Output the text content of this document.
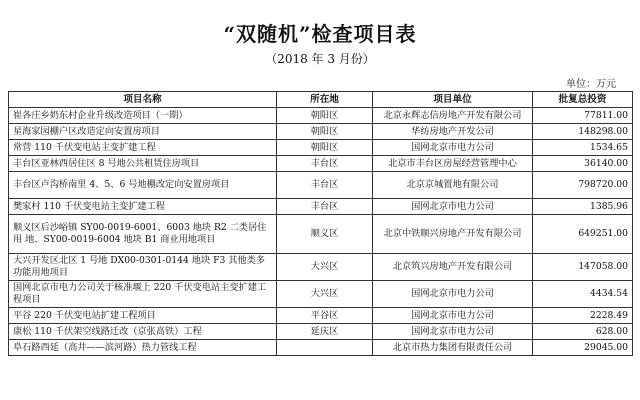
“双随机”检查项目表
（2018 年 3 月份）
单位：万元
项目名称	所在地	项目单位	批复总投资
崔各庄乡奶东村企业升级改造项目（一期）	朝阳区	北京永辉志信房地产开发有限公司	77811.00
星海家园棚户区改造定向安置房项目	朝阳区	华纺房地产开发公司	148298.00
常营 110 千伏变电站主变扩建工程	朝阳区	国网北京市电力公司	1534.65
丰台区亚林西居住区 8 号地公共租赁住房项目	丰台区	北京市丰台区房屋经营管理中心	36140.00
丰台区卢沟桥南里 4、5、6 号地棚改定向安置房项目	丰台区	北京京城置地有限公司	798720.00
樊家村 110 千伏变电站主变扩建工程	丰台区	国网北京市电力公司	1385.96
顺义区后沙峪镇 SY00-0019-6001、6003 地块 R2 二类居住用 地、SY00-0019-6004 地块 B1 商业用地项目	顺义区	北京中铁顺兴房地产开发有限公司	649251.00
大兴开发区北区 1 号地 DX00-0301-0144 地块 F3 其他类多功能用地项目	大兴区	北京筑兴房地产开发有限公司	147058.00
国网北京市电力公司关于核准堰上 220 千伏变电站主变扩建工程项目	大兴区	国网北京市电力公司	4434.54
平谷 220 千伏变电站扩建工程项目	平谷区	国网北京市电力公司	2228.49
康松 110 千伏架空线路迁改（京张高铁）工程	延庆区	国网北京市电力公司	628.00
阜石路西延（高井——滨河路）热力管线工程		北京市热力集团有限责任公司	29045.00
